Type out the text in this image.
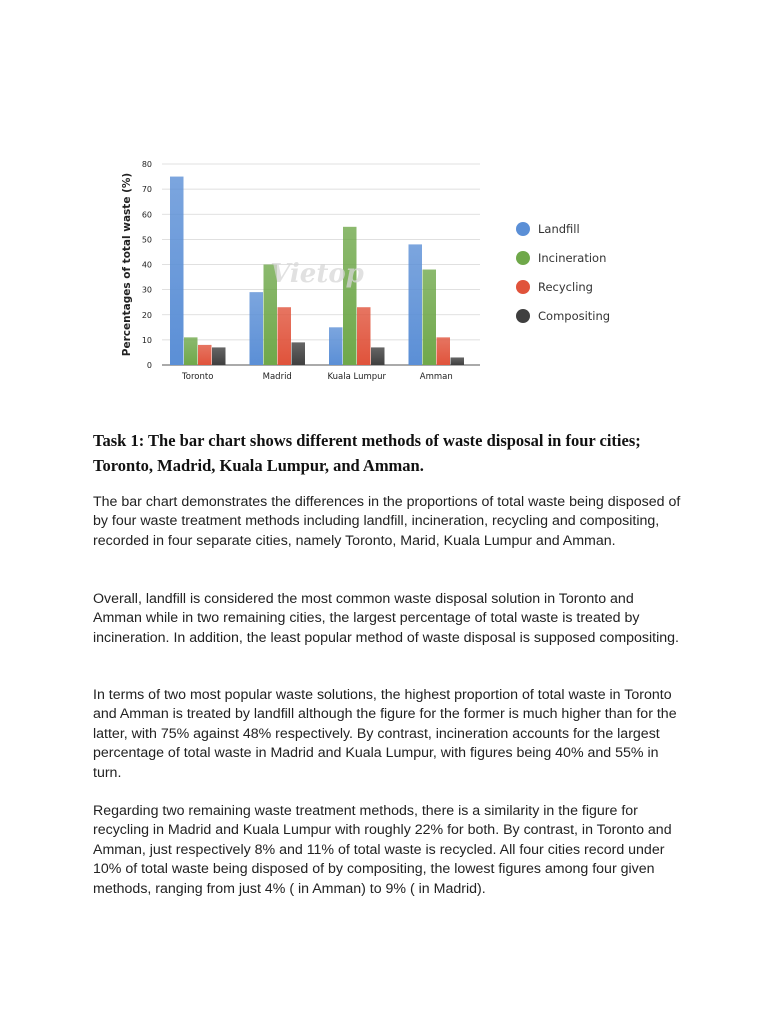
0
10
20
30
40
50
60
70
80
Toronto	Madrid	Kuala Lumpur	Amman
Vietop
Percentages of total waste (%)	Landfill
Incineration
Recycling
Compositing
Task 1: The bar chart shows different methods of waste disposal in four cities; Toronto, Madrid, Kuala Lumpur, and Amman.

The bar chart demonstrates the differences in the proportions of total waste being disposed of by four waste treatment methods including landfill, incineration, recycling and compositing, recorded in four separate cities, namely Toronto, Marid, Kuala Lumpur and Amman.

Overall, landfill is considered the most common waste disposal solution in Toronto and Amman while in two remaining cities, the largest percentage of total waste is treated by incineration. In addition, the least popular method of waste disposal is supposed compositing.

In terms of two most popular waste solutions, the highest proportion of total waste in Toronto and Amman is treated by landfill although the figure for the former is much higher than for the latter, with 75% against 48% respectively. By contrast, incineration accounts for the largest percentage of total waste in Madrid and Kuala Lumpur, with figures being 40% and 55% in turn.

Regarding two remaining waste treatment methods, there is a similarity in the figure for recycling in Madrid and Kuala Lumpur with roughly 22% for both. By contrast, in Toronto and Amman, just respectively 8% and 11% of total waste is recycled. All four cities record under 10% of total waste being disposed of by compositing, the lowest figures among four given methods, ranging from just 4% ( in Amman) to 9% ( in Madrid).
